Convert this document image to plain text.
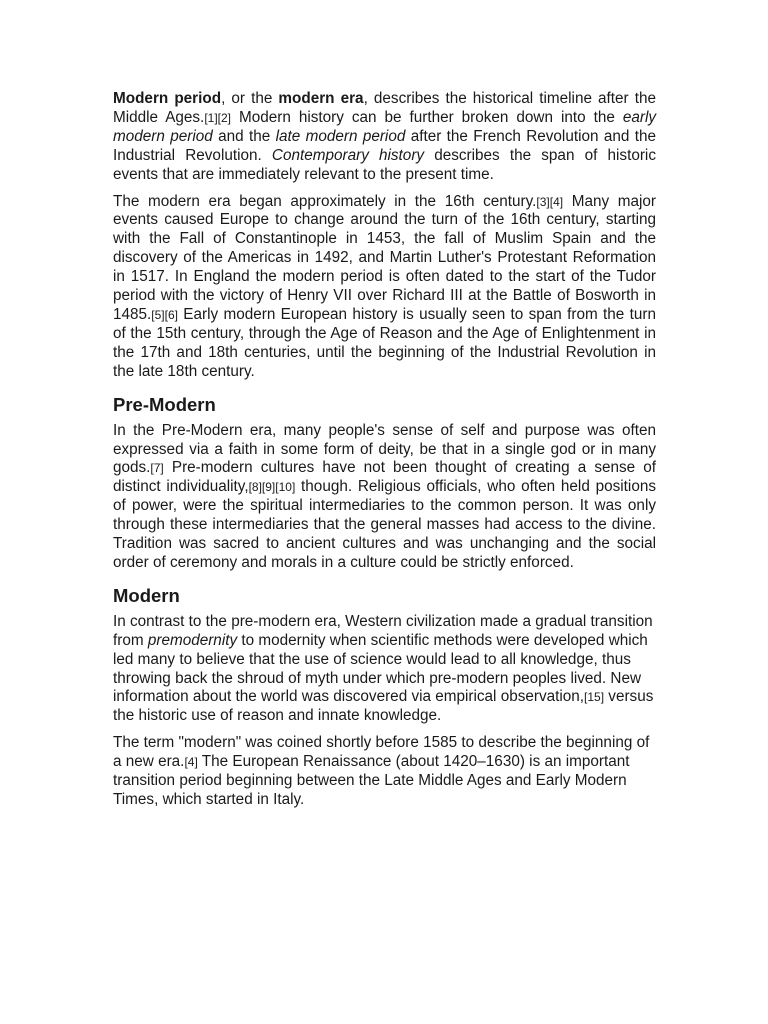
Modern period, or the modern era, describes the historical timeline after the Middle Ages.[1][2] Modern history can be further broken down into the early modern period and the late modern period after the French Revolution and the Industrial Revolution. Contemporary history describes the span of historic events that are immediately relevant to the present time.

The modern era began approximately in the 16th century.[3][4] Many major events caused Europe to change around the turn of the 16th century, starting with the Fall of Constantinople in 1453, the fall of Muslim Spain and the discovery of the Americas in 1492, and Martin Luther's Protestant Reformation in 1517. In England the modern period is often dated to the start of the Tudor period with the victory of Henry VII over Richard III at the Battle of Bosworth in 1485.[5][6] Early modern European history is usually seen to span from the turn of the 15th century, through the Age of Reason and the Age of Enlightenment in the 17th and 18th centuries, until the beginning of the Industrial Revolution in the late 18th century.

Pre-Modern

In the Pre-Modern era, many people's sense of self and purpose was often expressed via a faith in some form of deity, be that in a single god or in many gods.[7] Pre-modern cultures have not been thought of creating a sense of distinct individuality,[8][9][10] though. Religious officials, who often held positions of power, were the spiritual intermediaries to the common person. It was only through these intermediaries that the general masses had access to the divine. Tradition was sacred to ancient cultures and was unchanging and the social order of ceremony and morals in a culture could be strictly enforced.

Modern

In contrast to the pre-modern era, Western civilization made a gradual transition from premodernity to modernity when scientific methods were developed which led many to believe that the use of science would lead to all knowledge, thus throwing back the shroud of myth under which pre-modern peoples lived. New information about the world was discovered via empirical observation,[15] versus the historic use of reason and innate knowledge.

The term "modern" was coined shortly before 1585 to describe the beginning of a new era.[4] The European Renaissance (about 1420–1630) is an important transition period beginning between the Late Middle Ages and Early Modern Times, which started in Italy.
